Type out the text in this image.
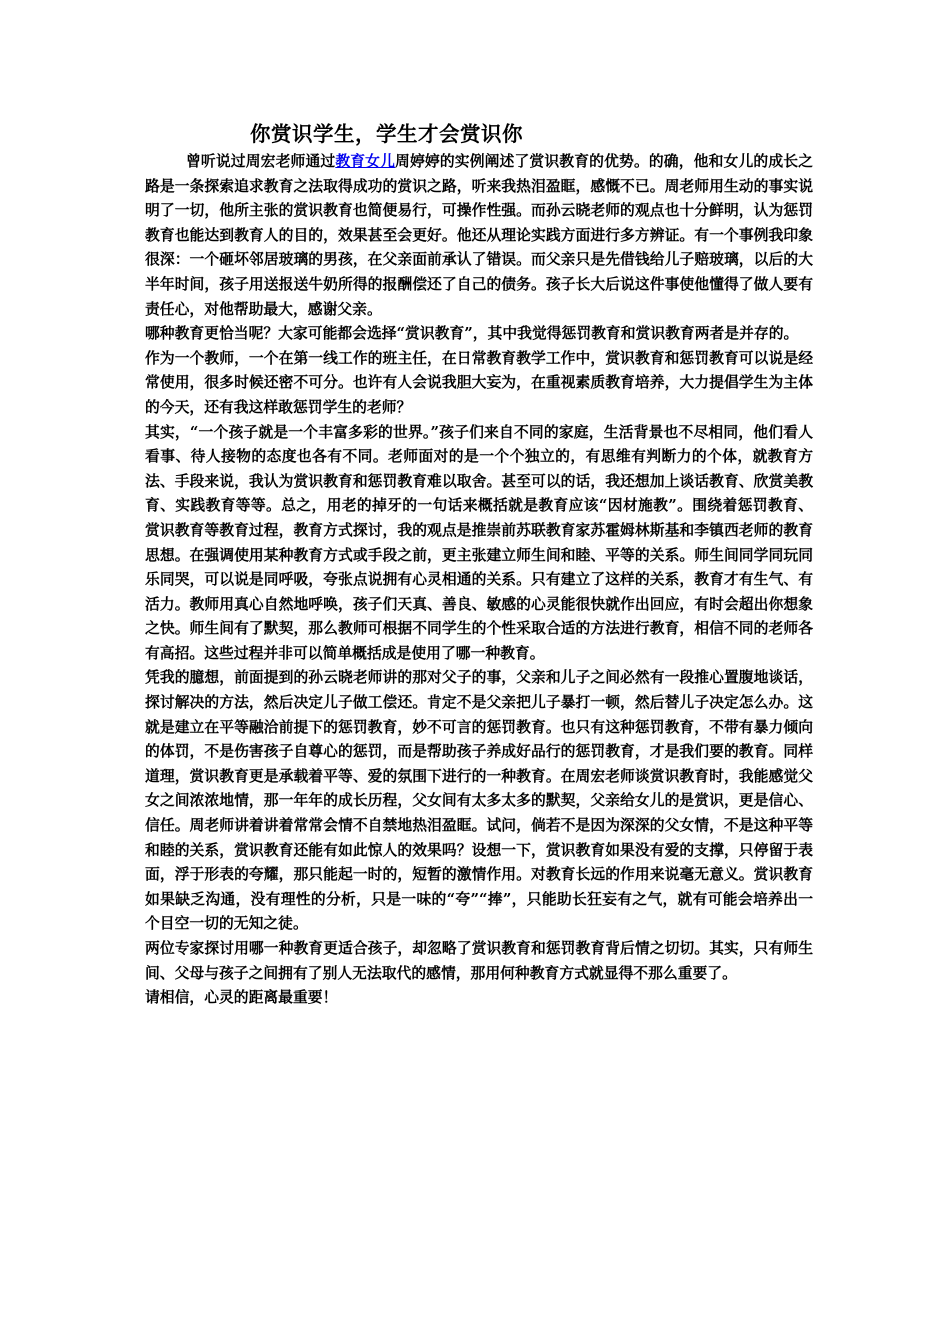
你赏识学生，学生才会赏识你

曾听说过周宏老师通过教育女儿周婷婷的实例阐述了赏识教育的优势。的确，他和女儿的成长之路是一条探索追求教育之法取得成功的赏识之路，听来我热泪盈眶，感慨不已。周老师用生动的事实说明了一切，他所主张的赏识教育也简便易行，可操作性强。而孙云晓老师的观点也十分鲜明，认为惩罚教育也能达到教育人的目的，效果甚至会更好。他还从理论实践方面进行多方辨证。有一个事例我印象很深：一个砸坏邻居玻璃的男孩，在父亲面前承认了错误。而父亲只是先借钱给儿子赔玻璃，以后的大半年时间，孩子用送报送牛奶所得的报酬偿还了自己的债务。孩子长大后说这件事使他懂得了做人要有责任心，对他帮助最大，感谢父亲。

哪种教育更恰当呢？大家可能都会选择“赏识教育”，其中我觉得惩罚教育和赏识教育两者是并存的。

作为一个教师，一个在第一线工作的班主任，在日常教育教学工作中，赏识教育和惩罚教育可以说是经常使用，很多时候还密不可分。也许有人会说我胆大妄为，在重视素质教育培养，大力提倡学生为主体的今天，还有我这样敢惩罚学生的老师？

其实，“一个孩子就是一个丰富多彩的世界。”孩子们来自不同的家庭，生活背景也不尽相同，他们看人看事、待人接物的态度也各有不同。老师面对的是一个个独立的，有思维有判断力的个体，就教育方法、手段来说，我认为赏识教育和惩罚教育难以取舍。甚至可以的话，我还想加上谈话教育、欣赏美教育、实践教育等等。总之，用老的掉牙的一句话来概括就是教育应该“因材施教”。围绕着惩罚教育、赏识教育等教育过程，教育方式探讨，我的观点是推崇前苏联教育家苏霍姆林斯基和李镇西老师的教育思想。在强调使用某种教育方式或手段之前，更主张建立师生间和睦、平等的关系。师生间同学同玩同乐同哭，可以说是同呼吸，夸张点说拥有心灵相通的关系。只有建立了这样的关系，教育才有生气、有活力。教师用真心自然地呼唤，孩子们天真、善良、敏感的心灵能很快就作出回应，有时会超出你想象之快。师生间有了默契，那么教师可根据不同学生的个性采取合适的方法进行教育，相信不同的老师各有高招。这些过程并非可以简单概括成是使用了哪一种教育。

凭我的臆想，前面提到的孙云晓老师讲的那对父子的事，父亲和儿子之间必然有一段推心置腹地谈话，探讨解决的方法，然后决定儿子做工偿还。肯定不是父亲把儿子暴打一顿，然后替儿子决定怎么办。这就是建立在平等融洽前提下的惩罚教育，妙不可言的惩罚教育。也只有这种惩罚教育，不带有暴力倾向的体罚，不是伤害孩子自尊心的惩罚，而是帮助孩子养成好品行的惩罚教育，才是我们要的教育。同样道理，赏识教育更是承载着平等、爱的氛围下进行的一种教育。在周宏老师谈赏识教育时，我能感觉父女之间浓浓地情，那一年年的成长历程，父女间有太多太多的默契，父亲给女儿的是赏识，更是信心、信任。周老师讲着讲着常常会情不自禁地热泪盈眶。试问，倘若不是因为深深的父女情，不是这种平等和睦的关系，赏识教育还能有如此惊人的效果吗？设想一下，赏识教育如果没有爱的支撑，只停留于表面，浮于形表的夸耀，那只能起一时的，短暂的激情作用。对教育长远的作用来说毫无意义。赏识教育如果缺乏沟通，没有理性的分析，只是一味的“夸”“捧”，只能助长狂妄有之气，就有可能会培养出一个目空一切的无知之徒。

两位专家探讨用哪一种教育更适合孩子，却忽略了赏识教育和惩罚教育背后情之切切。其实，只有师生间、父母与孩子之间拥有了别人无法取代的感情，那用何种教育方式就显得不那么重要了。

请相信，心灵的距离最重要！
